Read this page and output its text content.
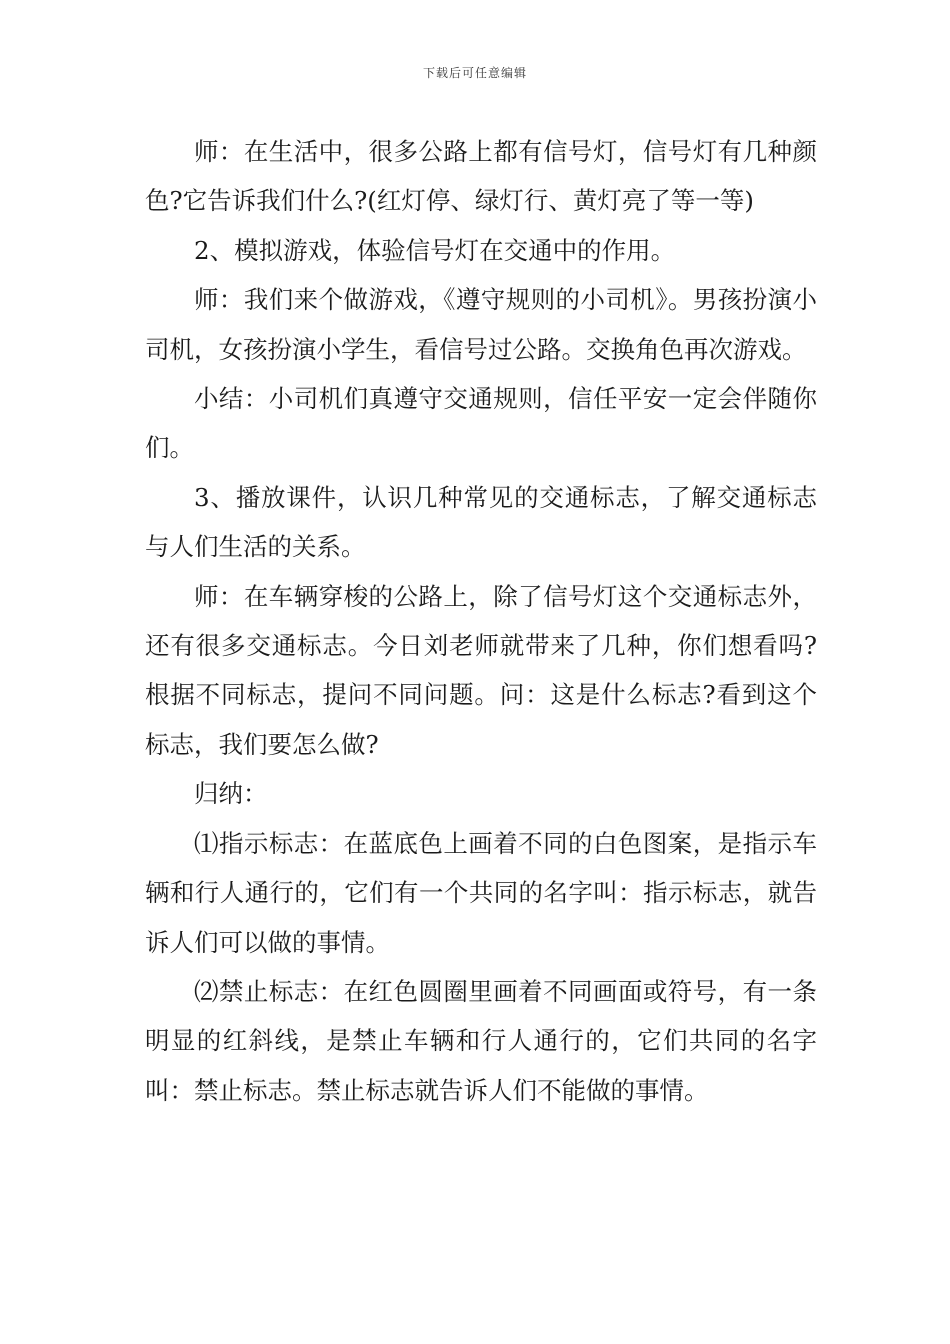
下载后可任意编辑

师：在生活中，很多公路上都有信号灯，信号灯有几种颜色?它告诉我们什么?(红灯停、绿灯行、黄灯亮了等一等)

2、模拟游戏，体验信号灯在交通中的作用。

师：我们来个做游戏，《遵守规则的小司机》。男孩扮演小司机，女孩扮演小学生，看信号过公路。交换角色再次游戏。

小结：小司机们真遵守交通规则，信任平安一定会伴随你们。

3、播放课件，认识几种常见的交通标志，了解交通标志与人们生活的关系。

师：在车辆穿梭的公路上，除了信号灯这个交通标志外，还有很多交通标志。今日刘老师就带来了几种，你们想看吗?根据不同标志，提问不同问题。问：这是什么标志?看到这个标志，我们要怎么做?

归纳：

⑴指示标志：在蓝底色上画着不同的白色图案，是指示车辆和行人通行的，它们有一个共同的名字叫：指示标志，就告诉人们可以做的事情。

⑵禁止标志：在红色圆圈里画着不同画面或符号，有一条明显的红斜线，是禁止车辆和行人通行的，它们共同的名字叫：禁止标志。禁止标志就告诉人们不能做的事情。
